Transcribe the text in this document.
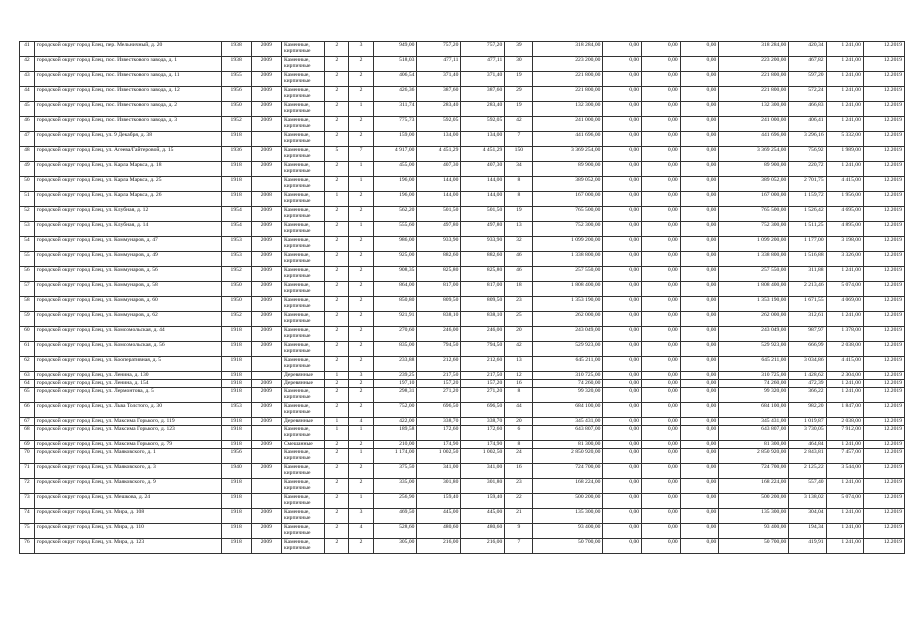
41	городской округ город Елец, пер. Мельничный, д. 20	1938	2009	Каменные, кирпичные	2	3	949,00	757,20	757,20	39	318 284,00	0,00	0,00	0,00	318 284,00	420,34	1 241,00	12.2019
42	городской округ город Елец, пос. Известкового завода, д. 1	1938	2009	Каменные, кирпичные	2	2	518,03	477,11	477,11	30	223 200,00	0,00	0,00	0,00	223 200,00	467,82	1 241,00	12.2019
43	городской округ город Елец, пос. Известкового завода, д. 11	1955	2009	Каменные, кирпичные	2	2	406,54	371,40	371,40	19	221 800,00	0,00	0,00	0,00	221 800,00	597,20	1 241,00	12.2019
44	городской округ город Елец, пос. Известкового завода, д. 12	1956	2009	Каменные, кирпичные	2	2	426,36	387,60	387,60	29	221 800,00	0,00	0,00	0,00	221 800,00	572,24	1 241,00	12.2019
45	городской округ город Елец, пос. Известкового завода, д. 2	1950	2009	Каменные, кирпичные	2	1	311,74	283,40	283,40	19	132 300,00	0,00	0,00	0,00	132 300,00	466,83	1 241,00	12.2019
46	городской округ город Елец, пос. Известкового завода, д. 3	1952	2009	Каменные, кирпичные	2	2	775,73	592,05	592,05	42	241 000,00	0,00	0,00	0,00	241 000,00	406,41	1 241,00	12.2019
47	городской округ город Елец, ул. 9 Декабря, д. 38	1918		Каменные, кирпичные	2	2	159,00	134,00	134,00	7	441 696,00	0,00	0,00	0,00	441 696,00	3 296,16	5 332,00	12.2019
48	городской округ город Елец, ул. Агеева/Гайтеровой, д. 15	1936	2009	Каменные, кирпичные	5	7	4 917,00	4 451,29	4 451,29	150	3 369 254,00	0,00	0,00	0,00	3 369 254,00	756,92	1 989,00	12.2019
49	городской округ город Елец, ул. Карла Маркса, д. 18	1918	2009	Каменные, кирпичные	2	1	455,00	407,30	407,30	34	89 900,00	0,00	0,00	0,00	89 900,00	220,72	1 241,00	12.2019
50	городской округ город Елец, ул. Карла Маркса, д. 25	1918		Каменные, кирпичные	2	1	196,00	144,00	144,00	8	389 052,00	0,00	0,00	0,00	389 052,00	2 701,75	4 415,00	12.2019
51	городской округ город Елец, ул. Карла Маркса, д. 26	1918	2008	Каменные, кирпичные	1	2	196,00	144,00	144,00	8	167 000,00	0,00	0,00	0,00	167 000,00	1 159,72	1 956,00	12.2019
52	городской округ город Елец, ул. Клубная, д. 12	1954	2009	Каменные, кирпичные	2	2	562,20	501,50	501,50	19	765 500,00	0,00	0,00	0,00	765 500,00	1 526,42	4 695,00	12.2019
53	городской округ город Елец, ул. Клубная, д. 14	1954	2009	Каменные, кирпичные	2	1	555,60	497,80	497,80	13	752 300,00	0,00	0,00	0,00	752 300,00	1 511,25	4 895,00	12.2019
54	городской округ город Елец, ул. Коммунаров, д. 47	1953	2009	Каменные, кирпичные	2	2	986,00	933,90	933,90	32	1 099 200,00	0,00	0,00	0,00	1 099 200,00	1 177,00	3 198,00	12.2019
55	городской округ город Елец, ул. Коммунаров, д. 49	1953	2009	Каменные, кирпичные	2	2	925,00	882,60	882,60	46	1 338 800,00	0,00	0,00	0,00	1 338 800,00	1 516,88	3 326,00	12.2019
56	городской округ город Елец, ул. Коммунаров, д. 56	1952	2009	Каменные, кирпичные	2	2	908,35	825,80	825,80	46	257 550,00	0,00	0,00	0,00	257 550,00	311,88	1 241,00	12.2019
57	городской округ город Елец, ул. Коммунаров, д. 58	1950	2009	Каменные, кирпичные	2	2	864,00	817,00	817,00	18	1 808 400,00	0,00	0,00	0,00	1 808 400,00	2 213,46	5 074,00	12.2019
58	городской округ город Елец, ул. Коммунаров, д. 60	1950	2009	Каменные, кирпичные	2	2	850,80	809,50	809,50	23	1 353 190,00	0,00	0,00	0,00	1 353 190,00	1 671,55	4 069,00	12.2019
59	городской округ город Елец, ул. Коммунаров, д. 62	1952	2009	Каменные, кирпичные	2	2	921,91	838,10	838,10	25	262 000,00	0,00	0,00	0,00	262 000,00	312,61	1 241,00	12.2019
60	городской округ город Елец, ул. Комсомольская, д. 44	1918	2009	Каменные, кирпичные	2	2	270,60	246,00	246,00	20	243 049,00	0,00	0,00	0,00	243 049,00	987,97	1 378,00	12.2019
61	городской округ город Елец, ул. Комсомольская, д. 56	1918	2009	Каменные, кирпичные	2	2	835,00	794,50	794,50	42	529 923,00	0,00	0,00	0,00	529 923,00	666,99	2 038,00	12.2019
62	городской округ город Елец, ул. Кооперативная, д. 5	1918		Каменные, кирпичные	2	2	233,88	212,60	212,60	13	645 211,00	0,00	0,00	0,00	645 211,00	3 034,86	4 415,00	12.2019
63	городской округ город Елец, ул. Ленина, д. 130	1918		Деревянные	1	3	239,25	217,50	217,50	12	310 725,00	0,00	0,00	0,00	310 725,00	1 428,62	2 304,00	12.2019
64	городской округ город Елец, ул. Ленина, д. 154	1918	2009	Деревянные	2	2	197,10	157,20	157,20	16	74 260,00	0,00	0,00	0,00	74 260,00	472,39	1 241,00	12.2019
65	городской округ город Елец, ул. Лермонтова, д. 5	1918	2009	Каменные, кирпичные	2	2	298,31	271,20	271,20	8	99 320,00	0,00	0,00	0,00	99 320,00	366,22	1 241,00	12.2019
66	городской округ город Елец, ул. Льва Толстого, д. 30	1953	2009	Каменные, кирпичные	2	2	752,00	696,50	696,50	44	684 100,00	0,00	0,00	0,00	684 100,00	982,20	1 847,00	12.2019
67	городской округ город Елец, ул. Максима Горького, д. 119	1918	2009	Деревянные	1	4	422,00	338,70	338,70	20	345 431,00	0,00	0,00	0,00	345 431,00	1 019,87	2 038,00	12.2019
68	городской округ город Елец, ул. Максима Горького, д. 123	1918		Каменные, кирпичные	1	1	189,58	172,60	172,60	6	643 807,00	0,00	0,00	0,00	643 807,00	3 730,05	7 912,00	12.2019
69	городской округ город Елец, ул. Максима Горького, д. 79	1918	2009	Смешанные	2	2	210,00	174,90	174,90	8	81 300,00	0,00	0,00	0,00	81 300,00	464,84	1 241,00	12.2019
70	городской округ город Елец, ул. Маяковского, д. 1	1956		Каменные, кирпичные	2	1	1 174,00	1 002,50	1 002,50	24	2 850 920,00	0,00	0,00	0,00	2 850 920,00	2 843,81	7 457,00	12.2019
71	городской округ город Елец, ул. Маяковского, д. 3	1940	2009	Каменные, кирпичные	2	2	375,50	341,00	341,00	16	724 700,00	0,00	0,00	0,00	724 700,00	2 125,22	3 544,00	12.2019
72	городской округ город Елец, ул. Маяковского, д. 9	1918		Каменные, кирпичные	2	2	335,00	301,80	301,80	23	168 224,00	0,00	0,00	0,00	168 224,00	557,40	1 241,00	12.2019
73	городской округ город Елец, ул. Мешкова, д. 24	1918		Каменные, кирпичные	2	1	256,90	159,40	159,40	22	500 200,00	0,00	0,00	0,00	500 200,00	3 138,02	5 074,00	12.2019
74	городской округ город Елец, ул. Мира, д. 108	1918	2009	Каменные, кирпичные	2	3	469,50	445,00	445,00	21	135 300,00	0,00	0,00	0,00	135 300,00	304,04	1 241,00	12.2019
75	городской округ город Елец, ул. Мира, д. 110	1918	2009	Каменные, кирпичные	2	4	528,60	480,60	480,60	9	93 400,00	0,00	0,00	0,00	93 400,00	194,34	1 241,00	12.2019
76	городской округ город Елец, ул. Мира, д. 123	1918	2009	Каменные, кирпичные	2	2	305,00	216,00	216,00	7	50 700,00	0,00	0,00	0,00	50 700,00	419,91	1 241,00	12.2019
